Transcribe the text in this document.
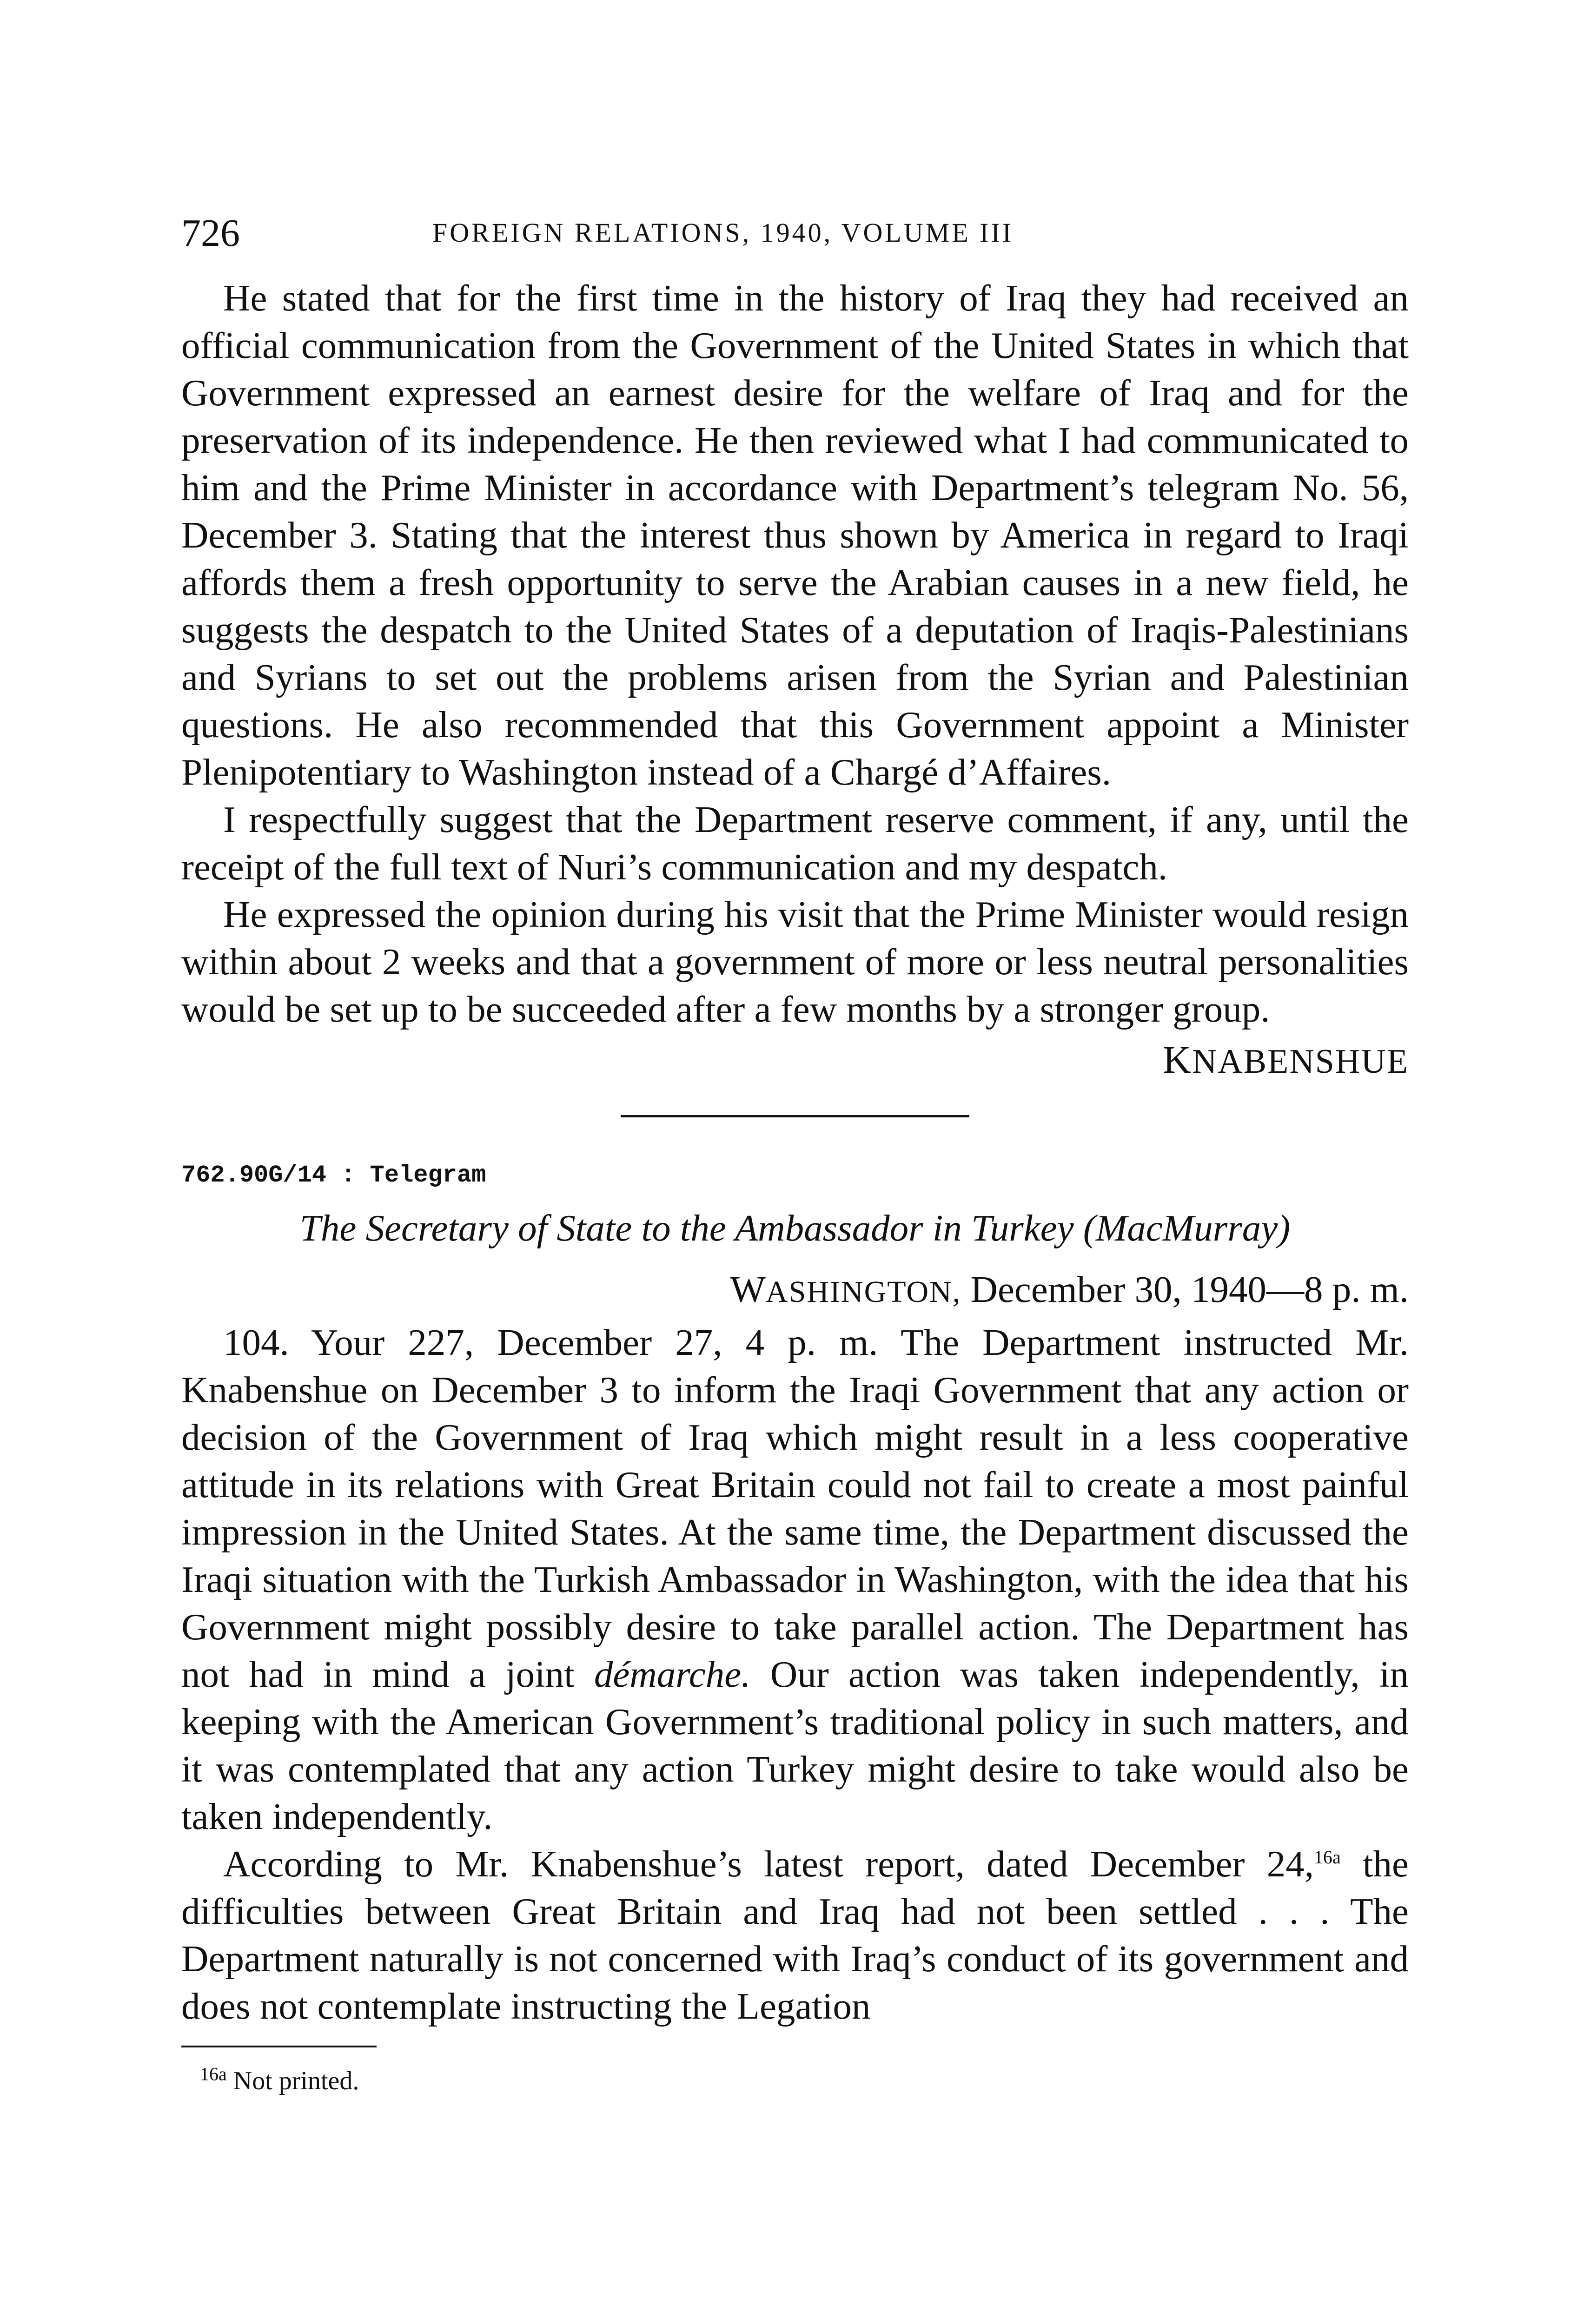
726	FOREIGN RELATIONS, 1940, VOLUME III

He stated that for the first time in the history of Iraq they had received an official communication from the Government of the United States in which that Government expressed an earnest desire for the welfare of Iraq and for the preservation of its independence. He then reviewed what I had communicated to him and the Prime Minister in accordance with Department’s telegram No. 56, December 3. Stating that the interest thus shown by America in regard to Iraqi affords them a fresh opportunity to serve the Arabian causes in a new field, he suggests the despatch to the United States of a deputation of Iraqis-Palestinians and Syrians to set out the problems arisen from the Syrian and Palestinian questions. He also recommended that this Government appoint a Minister Plenipotentiary to Washington instead of a Chargé d’Affaires.

I respectfully suggest that the Department reserve comment, if any, until the receipt of the full text of Nuri’s communication and my despatch.

He expressed the opinion during his visit that the Prime Minister would resign within about 2 weeks and that a government of more or less neutral personalities would be set up to be succeeded after a few months by a stronger group.

KNABENSHUE
762.90G/14 : Telegram
The Secretary of State to the Ambassador in Turkey (MacMurray)
WASHINGTON, December 30, 1940—8 p. m.

104. Your 227, December 27, 4 p. m. The Department instructed Mr. Knabenshue on December 3 to inform the Iraqi Government that any action or decision of the Government of Iraq which might result in a less cooperative attitude in its relations with Great Britain could not fail to create a most painful impression in the United States. At the same time, the Department discussed the Iraqi situation with the Turkish Ambassador in Washington, with the idea that his Government might possibly desire to take parallel action. The Department has not had in mind a joint démarche. Our action was taken independently, in keeping with the American Government’s traditional policy in such matters, and it was contemplated that any action Turkey might desire to take would also be taken independently.

According to Mr. Knabenshue’s latest report, dated December 24,$^{16a}$ the difficulties between Great Britain and Iraq had not been settled . . . The Department naturally is not concerned with Iraq’s conduct of its government and does not contemplate instructing the Legation

$^{16a}$ Not printed.
